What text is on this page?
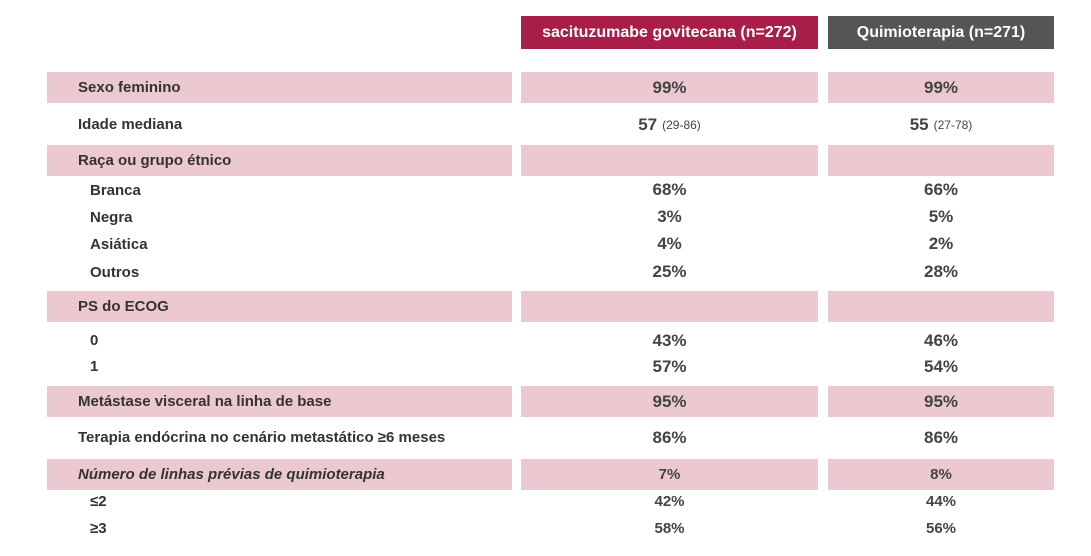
sacituzumabe govitecana (n=272)	Quimioterapia (n=271)
Sexo feminino	99%	99%
Idade mediana	57 (29-86)	55 (27-78)
Raça ou grupo étnico
Branca	68%	66%
Negra	3%	5%
Asiática	4%	2%
Outros	25%	28%
PS do ECOG
0	43%	46%
1	57%	54%
Metástase visceral na linha de base	95%	95%
Terapia endócrina no cenário metastático ≥6 meses	86%	86%
Número de linhas prévias de quimioterapia	7%	8%
≤2	42%	44%
≥3	58%	56%
